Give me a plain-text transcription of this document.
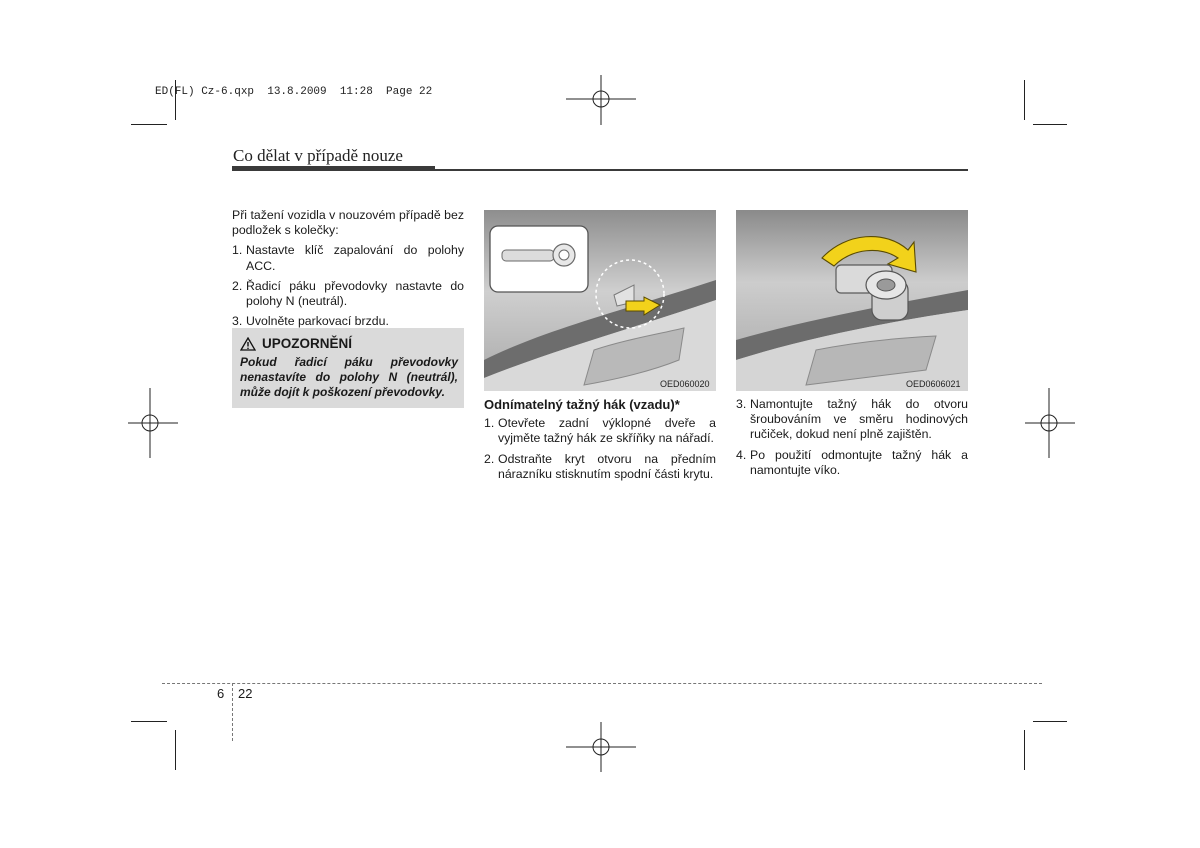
ED(FL) Cz-6.qxp  13.8.2009  11:28  Page 22
Co dělat v případě nouze

Při tažení vozidla v nouzovém případě bez podložek s kolečky:

1. Nastavte klíč zapalování do polohy ACC.
2. Řadicí páku převodovky nastavte do polohy N (neutrál).
3. Uvolněte parkovací brzdu.
UPOZORNĚNÍ
Pokud řadicí páku převodovky nenastavíte do polohy N (neutrál), může dojít k poškození převodovky.
OED060020
Odnímatelný tažný hák (vzadu)*
1. Otevřete zadní výklopné dveře a vyjměte tažný hák ze skříňky na nářadí.
2. Odstraňte kryt otvoru na předním nárazníku stisknutím spodní části krytu.
OED0606021
3. Namontujte tažný hák do otvoru šroubováním ve směru hodinových ručiček, dokud není plně zajištěn.
4. Po použití odmontujte tažný hák a namontujte víko.
6 22
